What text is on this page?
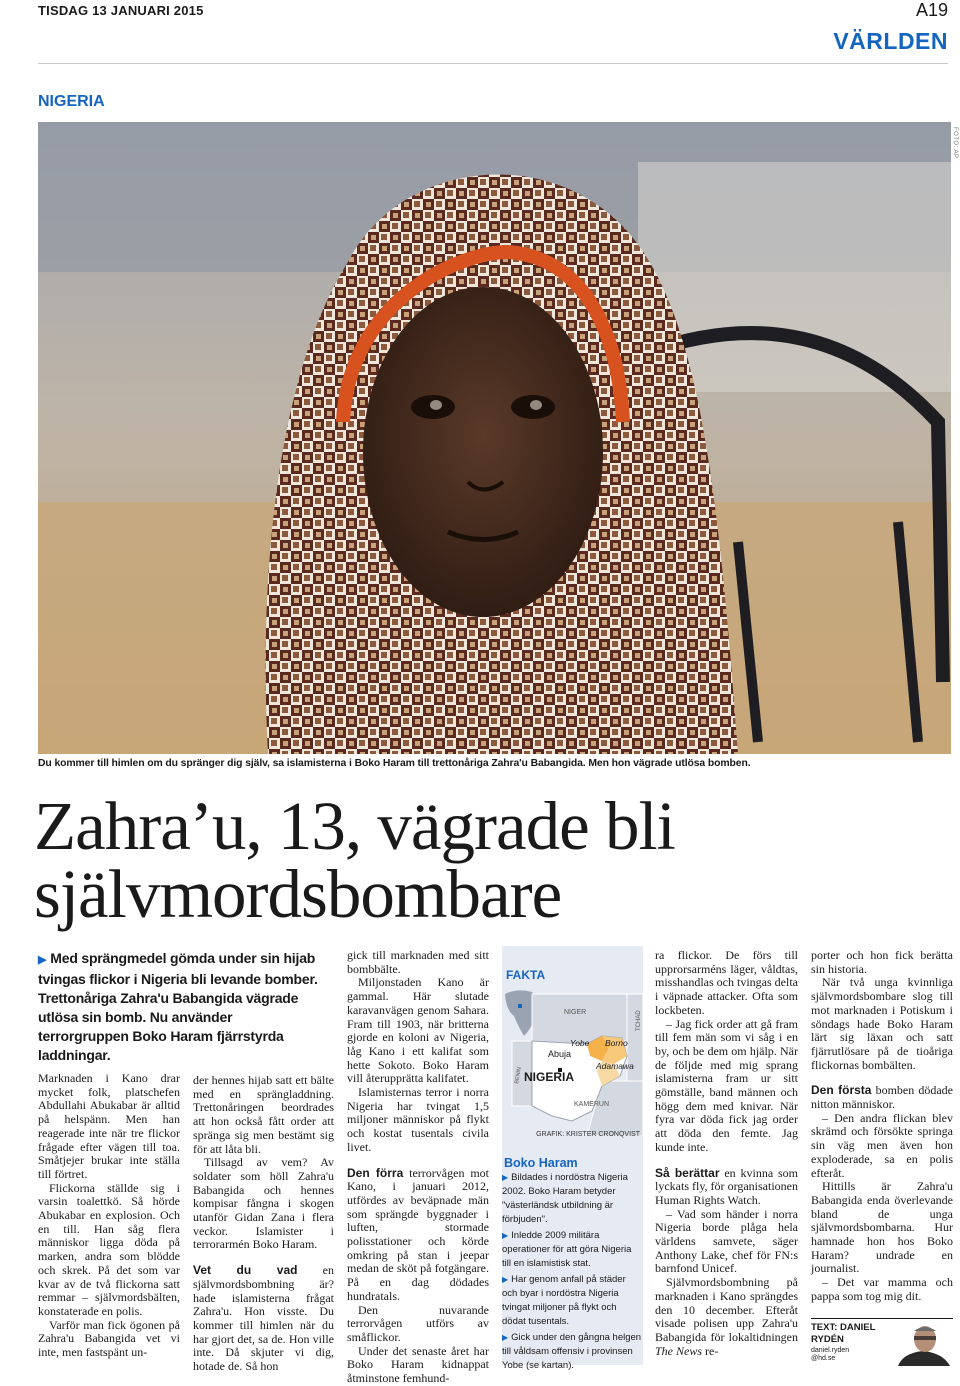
TISDAG 13 JANUARI 2015	A19
VÄRLDEN
NIGERIA
FOTO: AP
Du kommer till himlen om du spränger dig själv, sa islamisterna i Boko Haram till trettonåriga Zahra'u Babangida. Men hon vägrade utlösa bomben.
Zahra’u, 13, vägrade bli
självmordsbombare
▶ Med sprängmedel gömda under sin hijab tvingas flickor i Nigeria bli levande bomber. Trettonåriga Zahra'u Babangida vägrade utlösa sin bomb. Nu använder terrorgruppen Boko Haram fjärrstyrda laddningar.

Marknaden i Kano drar mycket folk, platschefen Abdullahi Abukabar är alltid på helspänn. Men han reagerade inte när tre flickor frågade efter vägen till toa. Småtjejer brukar inte ställa till förtret.

Flickorna ställde sig i varsin toalettkö. Så hörde Abukabar en explosion. Och en till. Han såg flera människor ligga döda på marken, andra som blödde och skrek. På det som var kvar av de två flickorna satt remmar – självmordsbälten, konstaterade en polis.

Varför man fick ögonen på Zahra'u Babangida vet vi inte, men fastspänt un-

der hennes hijab satt ett bälte med en sprängladdning. Trettonåringen beordrades att hon också fått order att spränga sig men bestämt sig för att låta bli.

Tillsagd av vem? Av soldater som höll Zahra'u Babangida och hennes kompisar fångna i skogen utanför Gidan Zana i flera veckor. Islamister i terrorarmén Boko Haram.

Vet du vad en självmordsbombning är? hade islamisterna frågat Zahra'u. Hon visste. Du kommer till himlen när du har gjort det, sa de. Hon ville inte. Då skjuter vi dig, hotade de. Så hon

gick till marknaden med sitt bombbälte.

Miljonstaden Kano är gammal. Här slutade karavanvägen genom Sahara. Fram till 1903, när britterna gjorde en koloni av Nigeria, låg Kano i ett kalifat som hette Sokoto. Boko Haram vill återupprätta kalifatet.

Islamisternas terror i norra Nigeria har tvingat 1,5 miljoner människor på flykt och kostat tusentals civila livet.

Den förra terrorvågen mot Kano, i januari 2012, utfördes av beväpnade män som sprängde byggnader i luften, stormade polisstationer och körde omkring på stan i jeepar medan de sköt på fotgängare. På en dag dödades hundratals.

Den nuvarande terrorvågen utförs av småflickor.

Under det senaste året har Boko Haram kidnappat åtminstone femhund-

FAKTA
NIGER	TCHAD
BENIN
Abuja
NIGERIA
Yobe Borno
Adamawa
KAMERUN
GRAFIK: KRISTER CRONQVIST
Boko Haram
▶ Bildades i nordöstra Nigeria 2002. Boko Haram betyder "västerländsk utbildning är förbjuden".
▶ Inledde 2009 militära operationer för att göra Nigeria till en islamistisk stat.
▶ Har genom anfall på städer och byar i nordöstra Nigeria tvingat miljoner på flykt och dödat tusentals.
▶ Gick under den gångna helgen till våldsam offensiv i provinsen Yobe (se kartan).

ra flickor. De förs till upprorsarméns läger, våldtas, misshandlas och tvingas delta i väpnade attacker. Ofta som lockbeten.

– Jag fick order att gå fram till fem män som vi såg i en by, och be dem om hjälp. När de följde med mig sprang islamisterna fram ur sitt gömställe, band männen och högg dem med knivar. När fyra var döda fick jag order att döda den femte. Jag kunde inte.

Så berättar en kvinna som lyckats fly, för organisationen Human Rights Watch.

– Vad som händer i norra Nigeria borde plåga hela världens samvete, säger Anthony Lake, chef för FN:s barnfond Unicef.

Självmordsbombning på marknaden i Kano sprängdes den 10 december. Efteråt visade polisen upp Zahra'u Babangida för lokaltidningen The News re-

porter och hon fick berätta sin historia.

När två unga kvinnliga självmordsbombare slog till mot marknaden i Potiskum i söndags hade Boko Haram lärt sig läxan och satt fjärrutlösare på de tioåriga flickornas bombälten.

Den första bomben dödade nitton människor.

– Den andra flickan blev skrämd och försökte springa sin väg men även hon exploderade, sa en polis efteråt.

Hittills är Zahra'u Babangida enda överlevande bland de unga självmordsbombarna. Hur hamnade hon hos Boko Haram? undrade en journalist.

– Det var mamma och pappa som tog mig dit.

TEXT: DANIEL
RYDÉN
daniel.ryden
@hd.se
